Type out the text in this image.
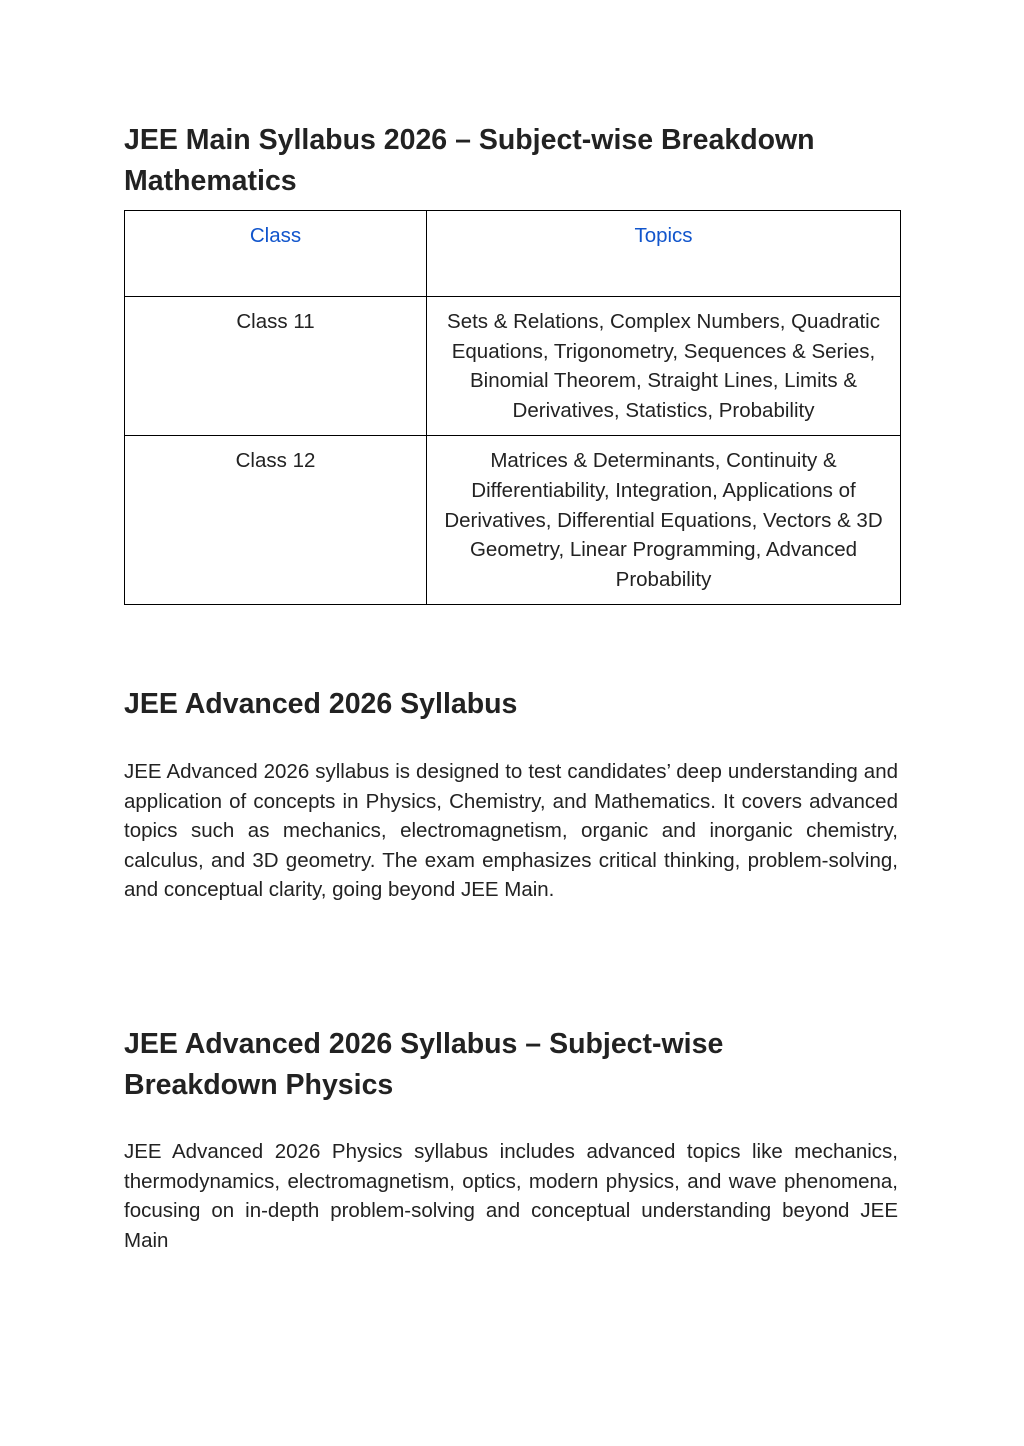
JEE Main Syllabus 2026 – Subject-wise Breakdown Mathematics
Class	Topics
Class 11	Sets & Relations, Complex Numbers, Quadratic Equations, Trigonometry, Sequences & Series, Binomial Theorem, Straight Lines, Limits & Derivatives, Statistics, Probability
Class 12	Matrices & Determinants, Continuity & Differentiability, Integration, Applications of Derivatives, Differential Equations, Vectors & 3D Geometry, Linear Programming, Advanced Probability
JEE Advanced 2026 Syllabus

JEE Advanced 2026 syllabus is designed to test candidates’ deep understanding and application of concepts in Physics, Chemistry, and Mathematics. It covers advanced topics such as mechanics, electromagnetism, organic and inorganic chemistry, calculus, and 3D geometry. The exam emphasizes critical thinking, problem-solving, and conceptual clarity, going beyond JEE Main.

JEE Advanced 2026 Syllabus – Subject-wise Breakdown Physics

JEE Advanced 2026 Physics syllabus includes advanced topics like mechanics, thermodynamics, electromagnetism, optics, modern physics, and wave phenomena, focusing on in-depth problem-solving and conceptual understanding beyond JEE Main
